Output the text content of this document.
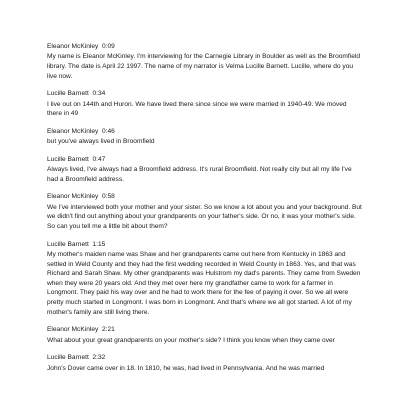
Eleanor McKinley 0:09
My name is Eleanor McKinley. I'm interviewing for the Carnegie Library in Boulder as well as the Broomfield library. The date is April 22 1997. The name of my narrator is Velma Lucille Barnett. Lucille, where do you live now.
Lucille Barnett 0:34
I live out on 144th and Huron. We have lived there since since we were married in 1940-49. We moved there in 49
Eleanor McKinley 0:46
but you've always lived in Broomfield
Lucille Barnett 0:47
Always lived, I've always had a Broomfield address. It's rural Broomfield. Not really city but all my life I've had a Broomfield address.
Eleanor McKinley 0:58
We I've interviewed both your mother and your sister. So we know a lot about you and your background. But we didn't find out anything about your grandparents on your father's side. Or no, it was your mother's side. So can you tell me a little bit about them?
Lucille Barnett 1:15
My mother's maiden name was Shaw and her grandparents came out here from Kentucky in 1863 and settled in Weld County and they had the first wedding recorded in Weld County in 1863. Yes, and that was Richard and Sarah Shaw. My other grandparents was Hulstrom my dad's parents. They came from Sweden when they were 20 years old. And they met over here my grandfather came to work for a farmer in Longmont. They paid his way over and he had to work there for the fee of paying it over. So we all were pretty much started in Longmont. I was born in Longmont. And that's where we all got started. A lot of my mother's family are still living there.
Eleanor McKinley 2:21
What about your great grandparents on your mother's side? I think you know when they came over
Lucille Barnett 2:32
John's Dover came over in 18. In 1810, he was, had lived in Pennsylvania. And he was married
